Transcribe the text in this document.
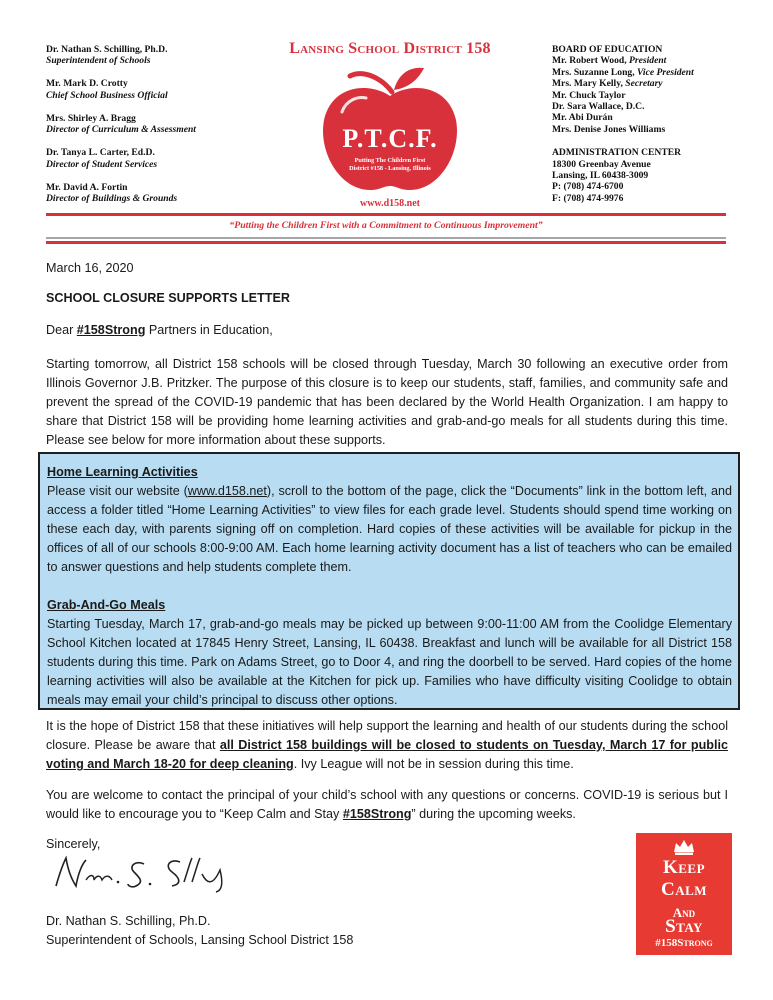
Dr. Nathan S. Schilling, Ph.D.
Superintendent of Schools
Mr. Mark D. Crotty
Chief School Business Official
Mrs. Shirley A. Bragg
Director of Curriculum & Assessment
Dr. Tanya L. Carter, Ed.D.
Director of Student Services
Mr. David A. Fortin
Director of Buildings & Grounds
Lansing School District 158
P.T.C.F.
Putting The Children First
District #158 - Lansing, Illinois
www.d158.net
BOARD OF EDUCATION
Mr. Robert Wood, President
Mrs. Suzanne Long, Vice President
Mrs. Mary Kelly, Secretary
Mr. Chuck Taylor
Dr. Sara Wallace, D.C.
Mr. Abi Durán
Mrs. Denise Jones Williams
ADMINISTRATION CENTER
18300 Greenbay Avenue
Lansing, IL 60438-3009
P: (708) 474-6700
F: (708) 474-9976
“Putting the Children First with a Commitment to Continuous Improvement”
March 16, 2020
SCHOOL CLOSURE SUPPORTS LETTER
Dear #158Strong Partners in Education,
Starting tomorrow, all District 158 schools will be closed through Tuesday, March 30 following an executive order from Illinois Governor J.B. Pritzker. The purpose of this closure is to keep our students, staff, families, and community safe and prevent the spread of the COVID-19 pandemic that has been declared by the World Health Organization. I am happy to share that District 158 will be providing home learning activities and grab-and-go meals for all students during this time. Please see below for more information about these supports.
Home Learning Activities
Please visit our website (www.d158.net), scroll to the bottom of the page, click the “Documents” link in the bottom left, and access a folder titled “Home Learning Activities” to view files for each grade level. Students should spend time working on these each day, with parents signing off on completion. Hard copies of these activities will be available for pickup in the offices of all of our schools 8:00-9:00 AM. Each home learning activity document has a list of teachers who can be emailed to answer questions and help students complete them.
Grab-And-Go Meals
Starting Tuesday, March 17, grab-and-go meals may be picked up between 9:00-11:00 AM from the Coolidge Elementary School Kitchen located at 17845 Henry Street, Lansing, IL 60438. Breakfast and lunch will be available for all District 158 students during this time. Park on Adams Street, go to Door 4, and ring the doorbell to be served. Hard copies of the home learning activities will also be available at the Kitchen for pick up. Families who have difficulty visiting Coolidge to obtain meals may email your child’s principal to discuss other options.
It is the hope of District 158 that these initiatives will help support the learning and health of our students during the school closure. Please be aware that all District 158 buildings will be closed to students on Tuesday, March 17 for public voting and March 18-20 for deep cleaning. Ivy League will not be in session during this time.
You are welcome to contact the principal of your child’s school with any questions or concerns. COVID-19 is serious but I would like to encourage you to “Keep Calm and Stay #158Strong” during the upcoming weeks.
Sincerely,
Dr. Nathan S. Schilling, Ph.D.
Superintendent of Schools, Lansing School District 158
Keep
Calm
And
Stay
#158Strong
